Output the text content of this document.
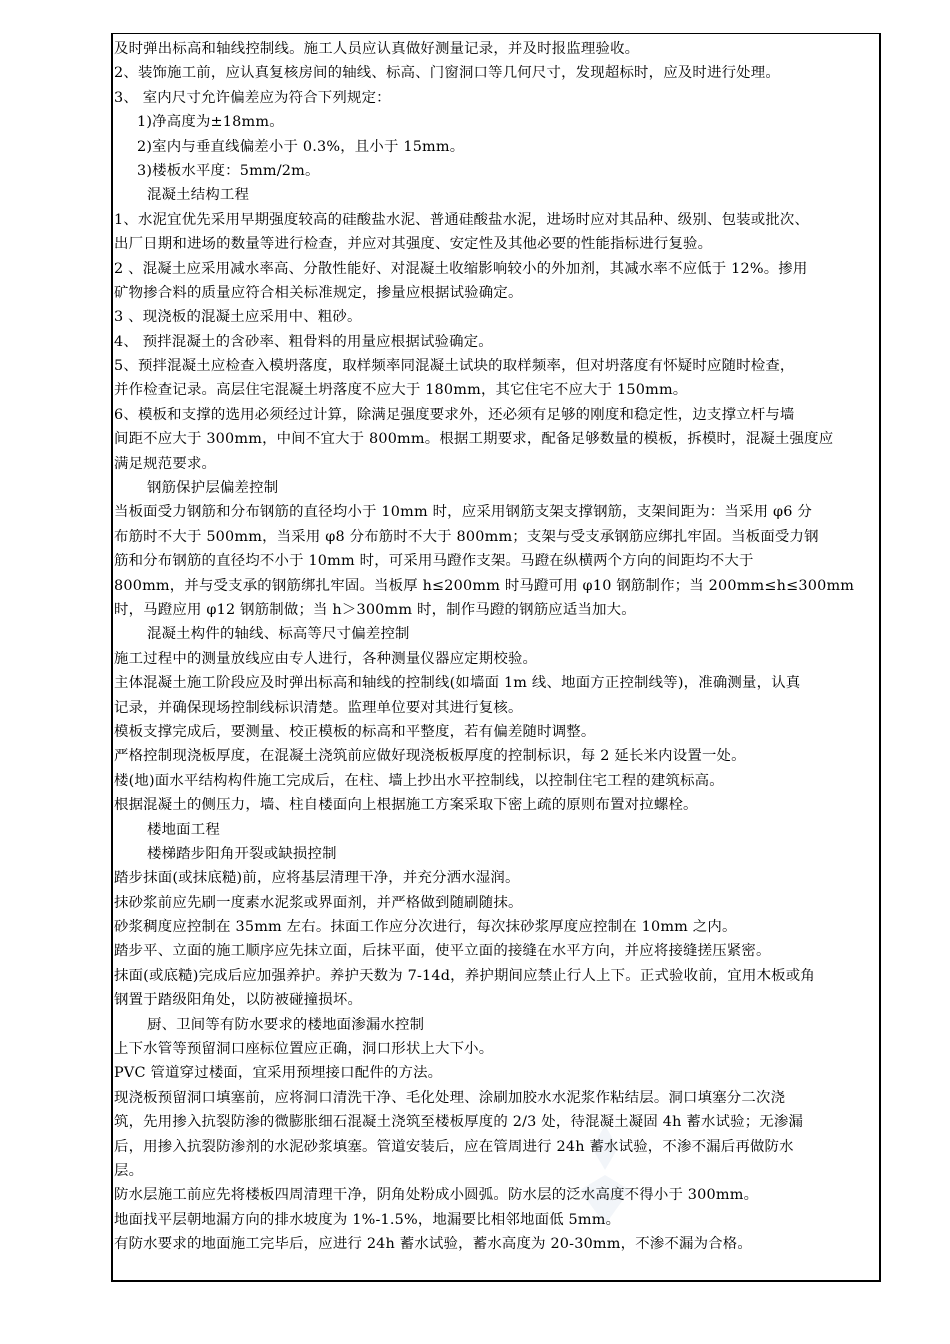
及时弹出标高和轴线控制线。施工人员应认真做好测量记录，并及时报监理验收。
2、装饰施工前，应认真复核房间的轴线、标高、门窗洞口等几何尺寸，发现超标时，应及时进行处理。
3、 室内尺寸允许偏差应为符合下列规定：
1)净高度为±18mm。
2)室内与垂直线偏差小于 0.3%，且小于 15mm。
3)楼板水平度：5mm/2m。
混凝土结构工程
1、水泥宜优先采用早期强度较高的硅酸盐水泥、普通硅酸盐水泥，进场时应对其品种、级别、包装或批次、
出厂日期和进场的数量等进行检查，并应对其强度、安定性及其他必要的性能指标进行复验。
2 、混凝土应采用减水率高、分散性能好、对混凝土收缩影响较小的外加剂，其减水率不应低于 12%。掺用
矿物掺合料的质量应符合相关标准规定，掺量应根据试验确定。
3 、现浇板的混凝土应采用中、粗砂。
4、 预拌混凝土的含砂率、粗骨料的用量应根据试验确定。
5、预拌混凝土应检查入模坍落度，取样频率同混凝土试块的取样频率，但对坍落度有怀疑时应随时检查，
并作检查记录。高层住宅混凝土坍落度不应大于 180mm，其它住宅不应大于 150mm。
6、模板和支撑的选用必须经过计算，除满足强度要求外，还必须有足够的刚度和稳定性，边支撑立杆与墙
间距不应大于 300mm，中间不宜大于 800mm。根据工期要求，配备足够数量的模板，拆模时，混凝土强度应
满足规范要求。
钢筋保护层偏差控制
当板面受力钢筋和分布钢筋的直径均小于 10mm 时，应采用钢筋支架支撑钢筋，支架间距为：当采用 φ6 分
布筋时不大于 500mm，当采用 φ8 分布筋时不大于 800mm；支架与受支承钢筋应绑扎牢固。当板面受力钢
筋和分布钢筋的直径均不小于 10mm 时，可采用马蹬作支架。马蹬在纵横两个方向的间距均不大于
800mm，并与受支承的钢筋绑扎牢固。当板厚 h≤200mm 时马蹬可用 φ10 钢筋制作；当 200mm≤h≤300mm
时，马蹬应用 φ12 钢筋制做；当 h＞300mm 时，制作马蹬的钢筋应适当加大。
混凝土构件的轴线、标高等尺寸偏差控制
施工过程中的测量放线应由专人进行，各种测量仪器应定期校验。
主体混凝土施工阶段应及时弹出标高和轴线的控制线(如墙面 1m 线、地面方正控制线等)，准确测量，认真
记录，并确保现场控制线标识清楚。监理单位要对其进行复核。
模板支撑完成后，要测量、校正模板的标高和平整度，若有偏差随时调整。
严格控制现浇板厚度，在混凝土浇筑前应做好现浇板板厚度的控制标识，每 2 延长米内设置一处。
楼(地)面水平结构构件施工完成后，在柱、墙上抄出水平控制线，以控制住宅工程的建筑标高。
根据混凝土的侧压力，墙、柱自楼面向上根据施工方案采取下密上疏的原则布置对拉螺栓。
楼地面工程
楼梯踏步阳角开裂或缺损控制
踏步抹面(或抹底糙)前，应将基层清理干净，并充分洒水湿润。
抹砂浆前应先刷一度素水泥浆或界面剂，并严格做到随刷随抹。
砂浆稠度应控制在 35mm 左右。抹面工作应分次进行，每次抹砂浆厚度应控制在 10mm 之内。
踏步平、立面的施工顺序应先抹立面，后抹平面，使平立面的接缝在水平方向，并应将接缝搓压紧密。
抹面(或底糙)完成后应加强养护。养护天数为 7-14d，养护期间应禁止行人上下。正式验收前，宜用木板或角
钢置于踏级阳角处，以防被碰撞损坏。
厨、卫间等有防水要求的楼地面渗漏水控制
上下水管等预留洞口座标位置应正确，洞口形状上大下小。
PVC 管道穿过楼面，宜采用预埋接口配件的方法。
现浇板预留洞口填塞前，应将洞口清洗干净、毛化处理、涂刷加胶水水泥浆作粘结层。洞口填塞分二次浇
筑，先用掺入抗裂防渗的微膨胀细石混凝土浇筑至楼板厚度的 2/3 处，待混凝土凝固 4h 蓄水试验；无渗漏
后，用掺入抗裂防渗剂的水泥砂浆填塞。管道安装后，应在管周进行 24h 蓄水试验，不渗不漏后再做防水
层。
防水层施工前应先将楼板四周清理干净，阴角处粉成小圆弧。防水层的泛水高度不得小于 300mm。
地面找平层朝地漏方向的排水坡度为 1%-1.5%，地漏要比相邻地面低 5mm。
有防水要求的地面施工完毕后，应进行 24h 蓄水试验，蓄水高度为 20-30mm，不渗不漏为合格。
